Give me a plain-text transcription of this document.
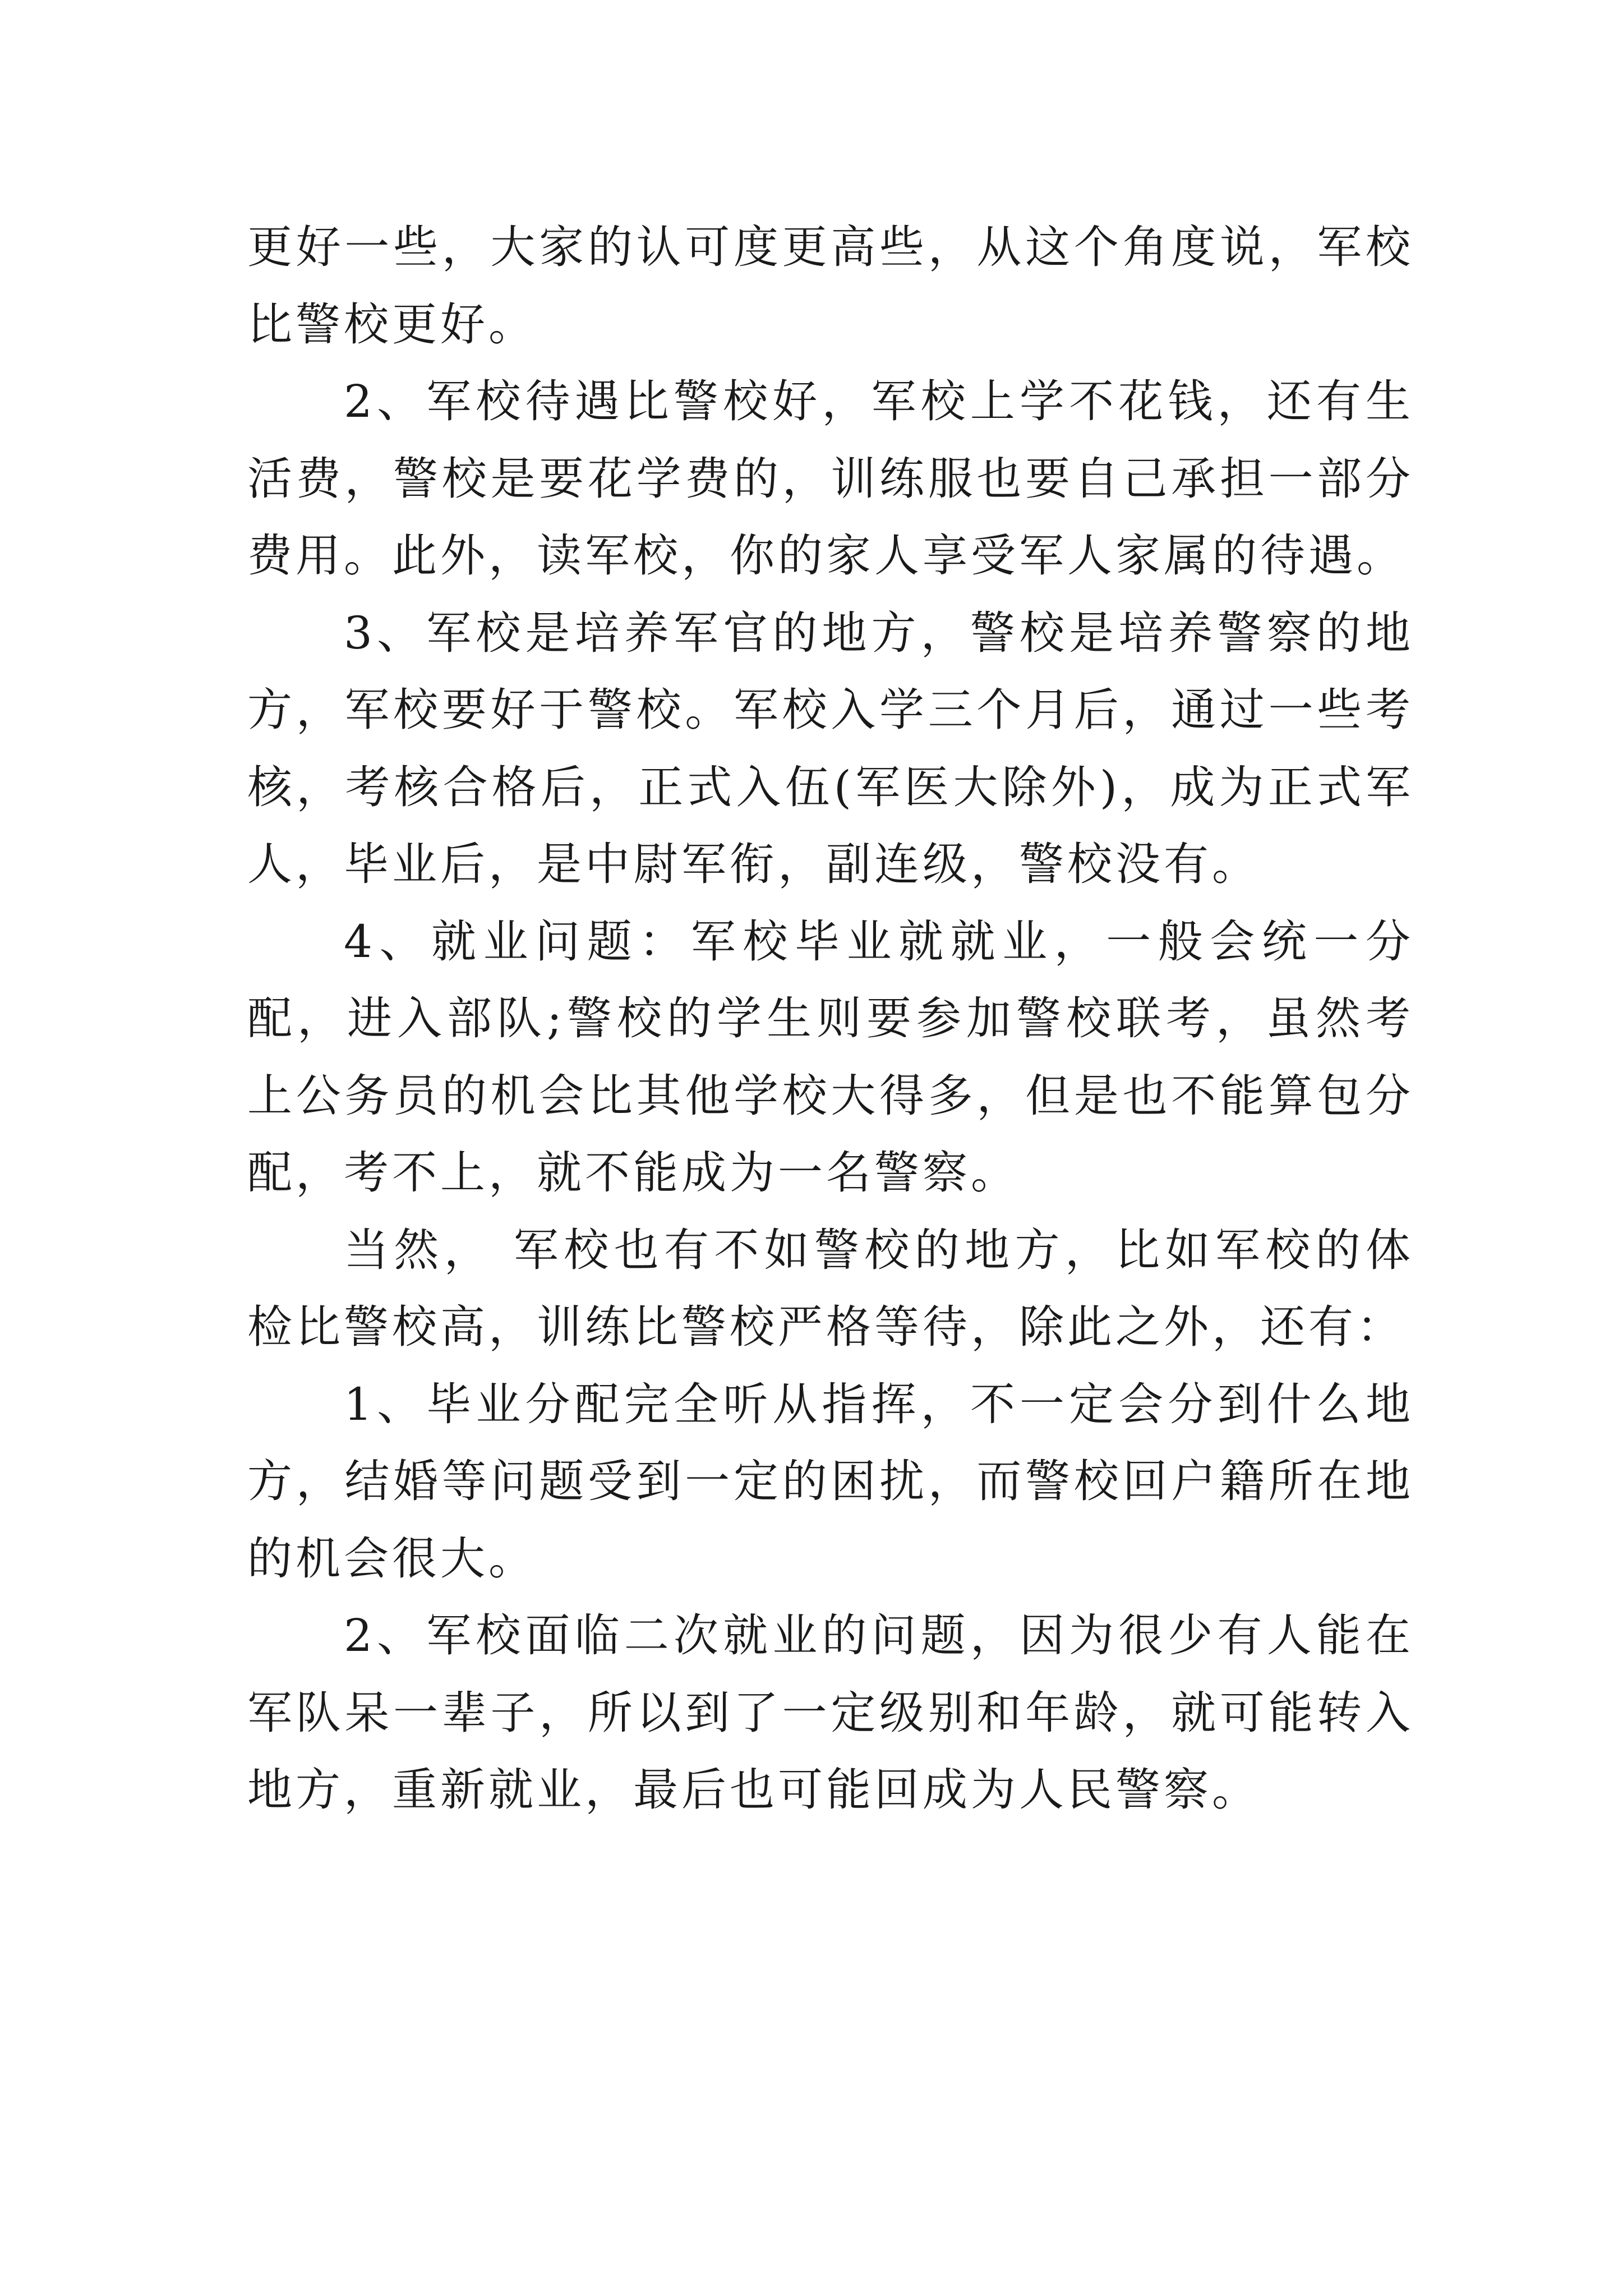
更好一些，大家的认可度更高些，从这个角度说，军校比警校更好。

2、军校待遇比警校好，军校上学不花钱，还有生活费，警校是要花学费的，训练服也要自己承担一部分费用。此外，读军校，你的家人享受军人家属的待遇。

3、军校是培养军官的地方，警校是培养警察的地方，军校要好于警校。军校入学三个月后，通过一些考核，考核合格后，正式入伍(军医大除外)，成为正式军人，毕业后，是中尉军衔，副连级，警校没有。

4、就业问题：军校毕业就就业，一般会统一分配，进入部队;警校的学生则要参加警校联考，虽然考上公务员的机会比其他学校大得多，但是也不能算包分配，考不上，就不能成为一名警察。

当然， 军校也有不如警校的地方，比如军校的体检比警校高，训练比警校严格等待，除此之外，还有：

1、毕业分配完全听从指挥，不一定会分到什么地方，结婚等问题受到一定的困扰，而警校回户籍所在地的机会很大。

2、军校面临二次就业的问题，因为很少有人能在军队呆一辈子，所以到了一定级别和年龄，就可能转入地方，重新就业，最后也可能回成为人民警察。
